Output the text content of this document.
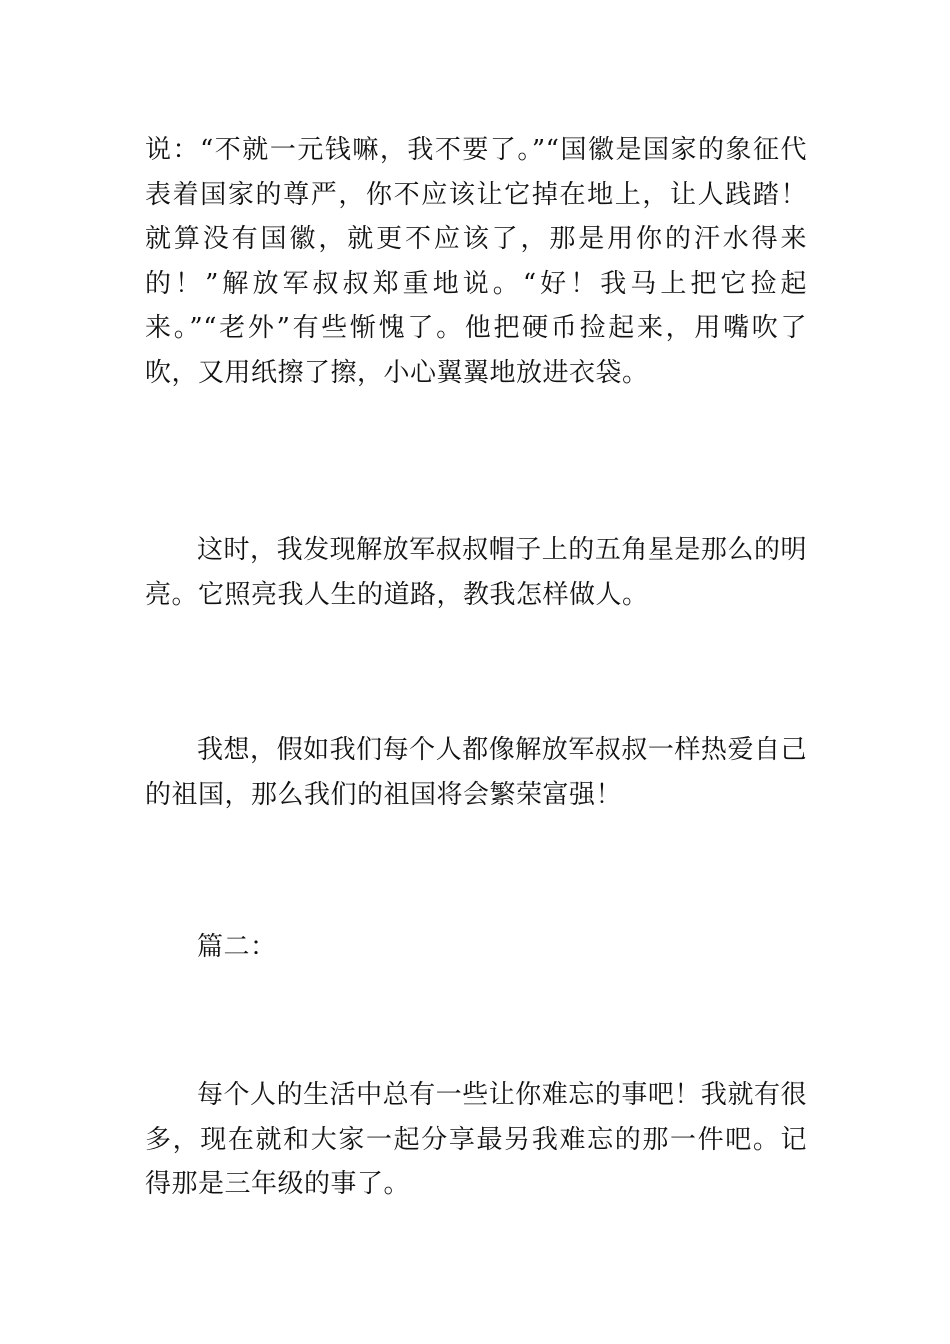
说：“不就一元钱嘛，我不要了。”“国徽是国家的象征代表着国家的尊严，你不应该让它掉在地上，让人践踏！就算没有国徽，就更不应该了，那是用你的汗水得来的！”解放军叔叔郑重地说。“好！我马上把它捡起来。”“老外”有些惭愧了。他把硬币捡起来，用嘴吹了吹，又用纸擦了擦，小心翼翼地放进衣袋。

这时，我发现解放军叔叔帽子上的五角星是那么的明亮。它照亮我人生的道路，教我怎样做人。

我想，假如我们每个人都像解放军叔叔一样热爱自己的祖国，那么我们的祖国将会繁荣富强！

篇二：

每个人的生活中总有一些让你难忘的事吧！我就有很多，现在就和大家一起分享最另我难忘的那一件吧。记得那是三年级的事了。
